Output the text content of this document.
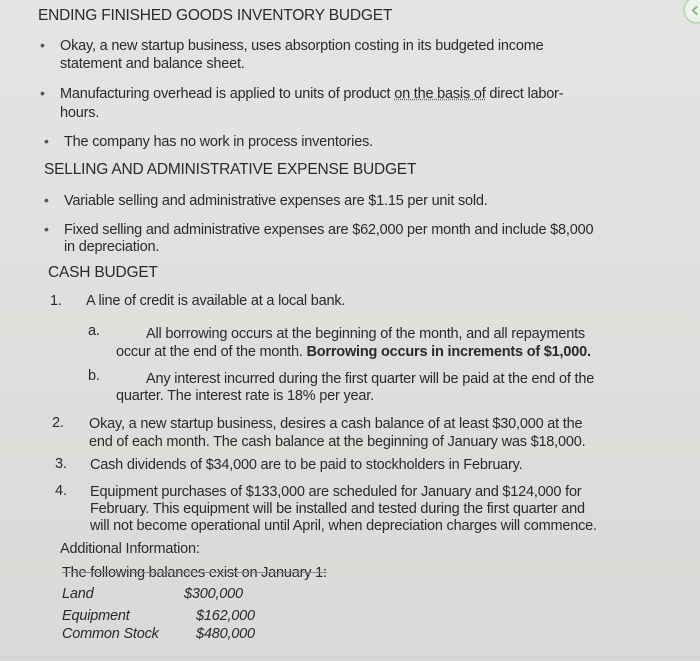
ENDING FINISHED GOODS INVENTORY BUDGET
• Okay, a new startup business, uses absorption costing in its budgeted income
statement and balance sheet.
• Manufacturing overhead is applied to units of product on the basis of direct labor-
hours.
• The company has no work in process inventories.
SELLING AND ADMINISTRATIVE EXPENSE BUDGET
• Variable selling and administrative expenses are $1.15 per unit sold.
• Fixed selling and administrative expenses are $62,000 per month and include $8,000
in depreciation.
CASH BUDGET
1. A line of credit is available at a local bank.
a.	All borrowing occurs at the beginning of the month, and all repayments
occur at the end of the month. Borrowing occurs in increments of $1,000.
b.	Any interest incurred during the first quarter will be paid at the end of the
quarter. The interest rate is 18% per year.
2. Okay, a new startup business, desires a cash balance of at least $30,000 at the
end of each month. The cash balance at the beginning of January was $18,000.
3. Cash dividends of $34,000 are to be paid to stockholders in February.
4. Equipment purchases of $133,000 are scheduled for January and $124,000 for
February. This equipment will be installed and tested during the first quarter and
will not become operational until April, when depreciation charges will commence.
Additional Information:
The following balances exist on January 1:
Land	$300,000
Equipment	$162,000
Common Stock	$480,000
